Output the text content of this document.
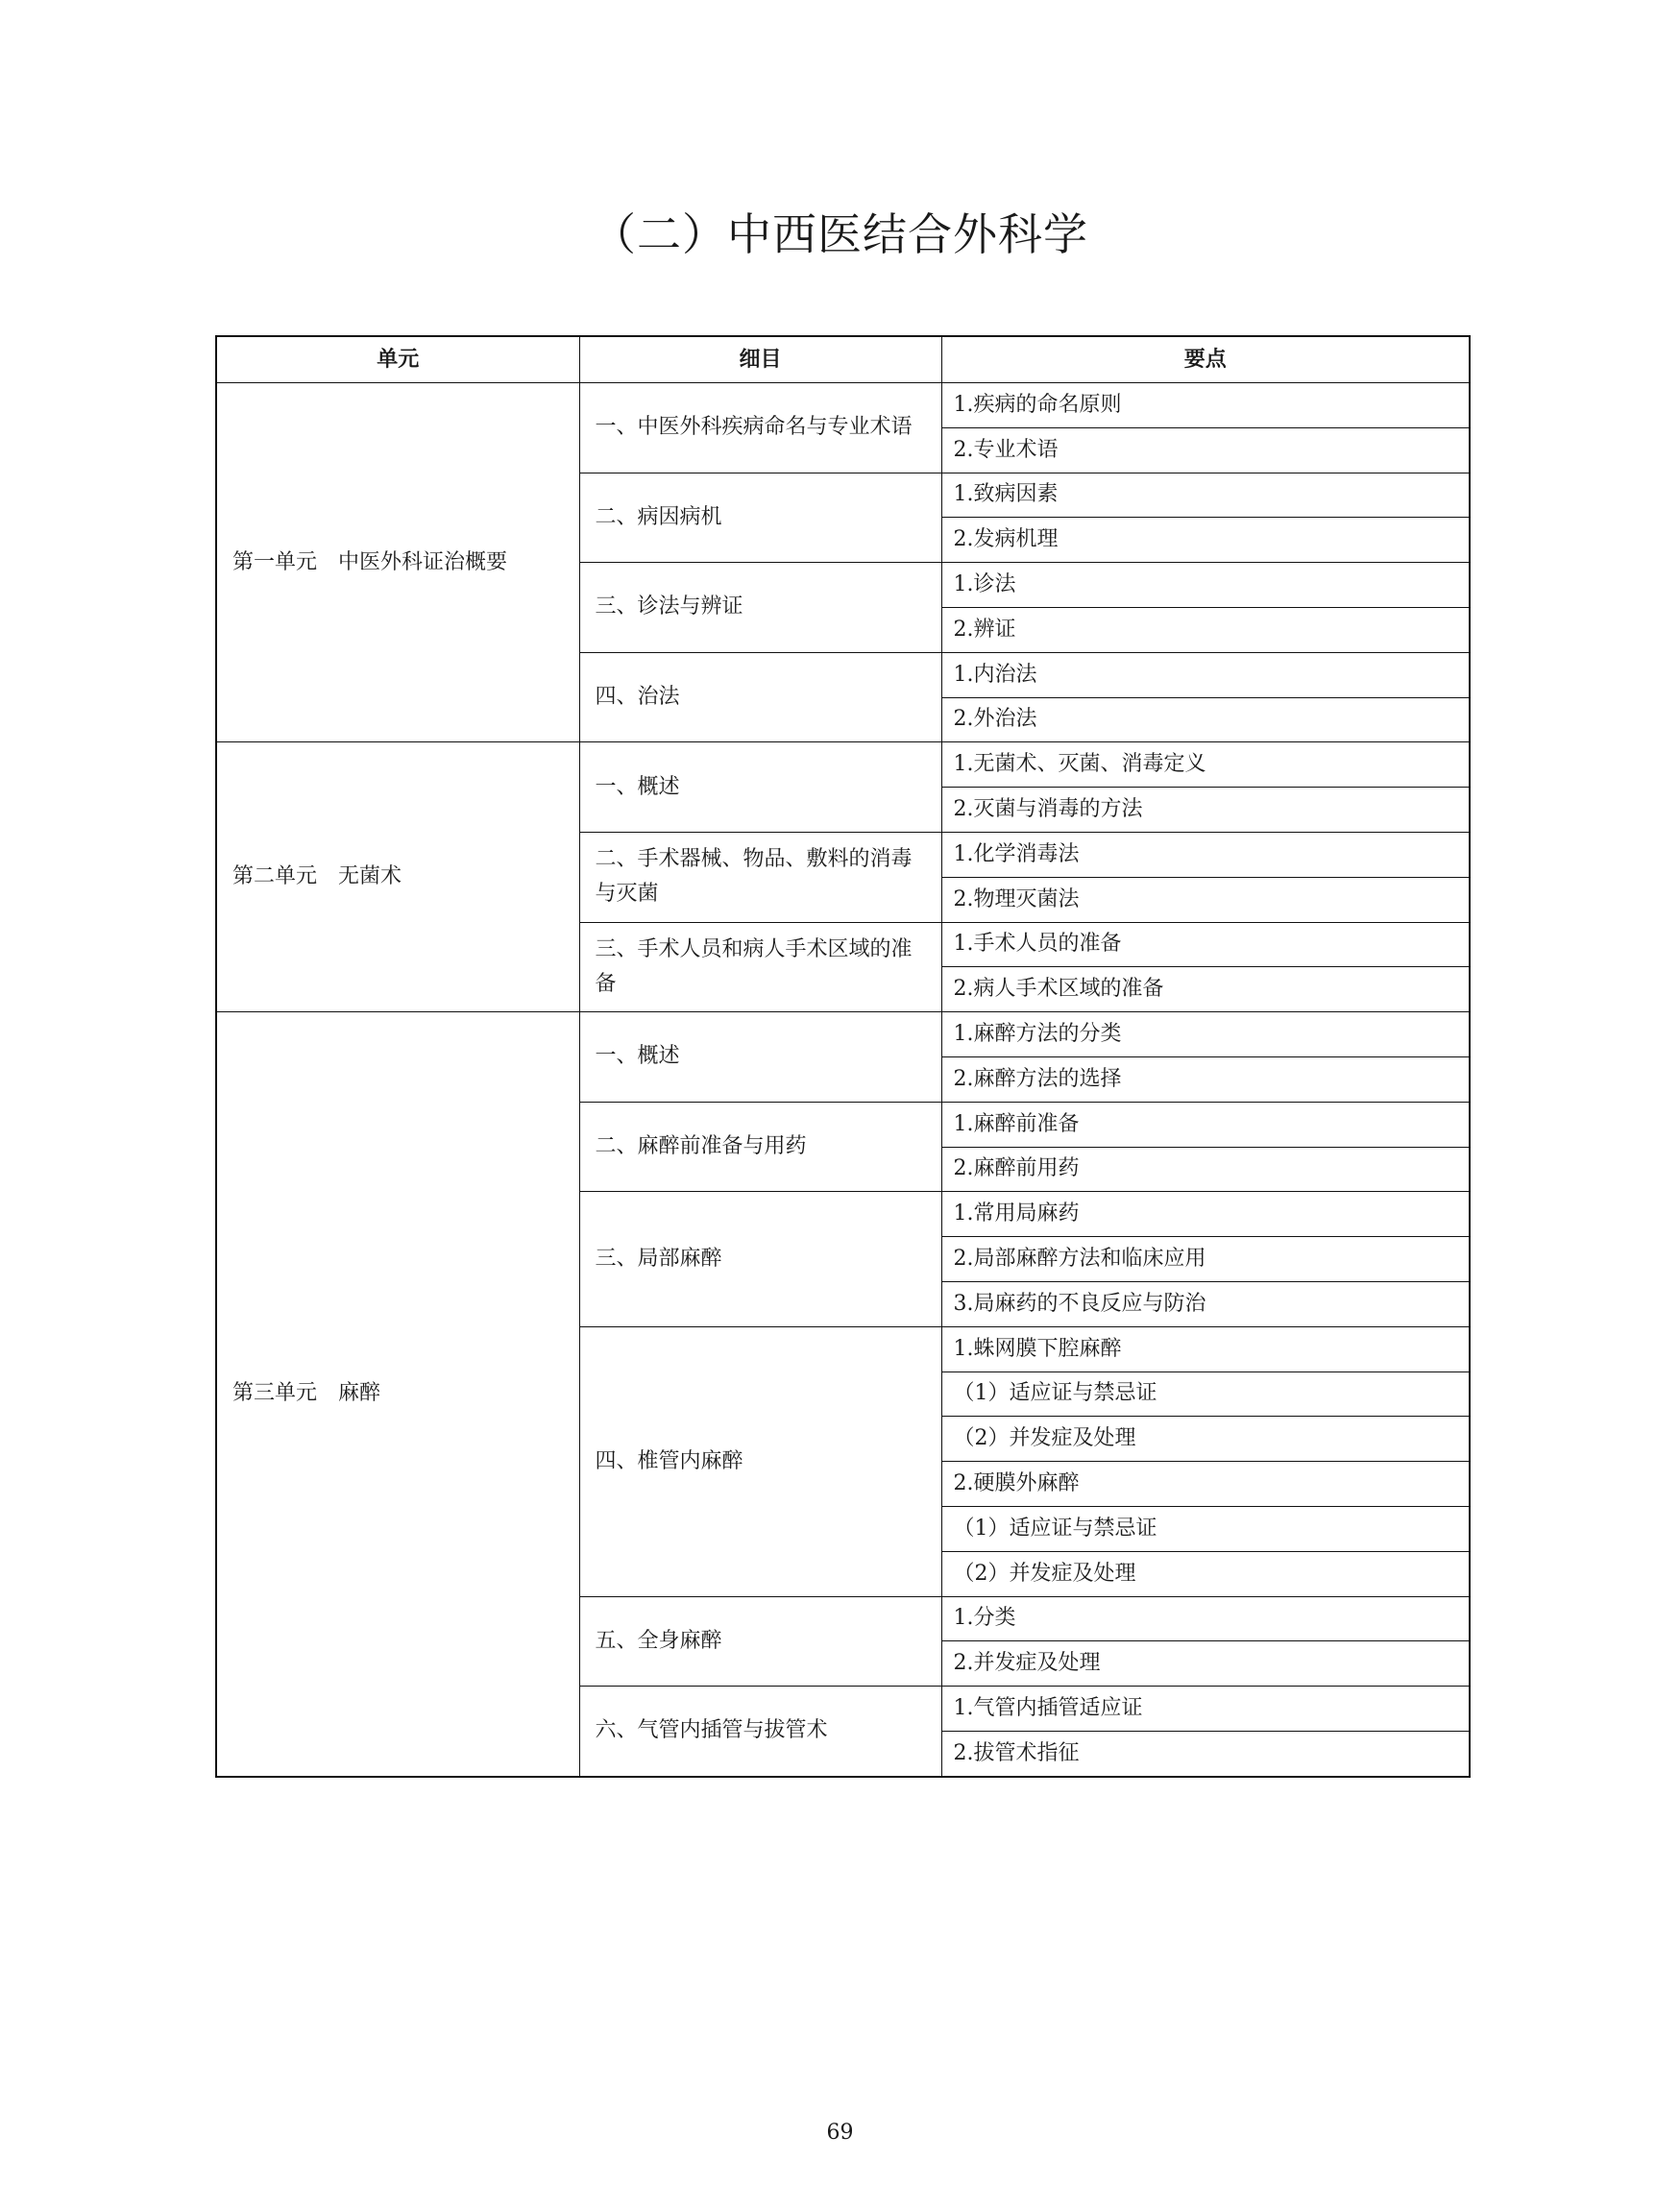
（二）中西医结合外科学
单元	细目	要点
第一单元　中医外科证治概要	一、中医外科疾病命名与专业术语	1.疾病的命名原则
		2.专业术语
	二、病因病机	1.致病因素
		2.发病机理
	三、诊法与辨证	1.诊法
		2.辨证
	四、治法	1.内治法
		2.外治法
第二单元　无菌术	一、概述	1.无菌术、灭菌、消毒定义
		2.灭菌与消毒的方法
	二、手术器械、物品、敷料的消毒与灭菌	1.化学消毒法
		2.物理灭菌法
	三、手术人员和病人手术区域的准备	1.手术人员的准备
		2.病人手术区域的准备
第三单元　麻醉	一、概述	1.麻醉方法的分类
		2.麻醉方法的选择
	二、麻醉前准备与用药	1.麻醉前准备
		2.麻醉前用药
	三、局部麻醉	1.常用局麻药
		2.局部麻醉方法和临床应用
		3.局麻药的不良反应与防治
	四、椎管内麻醉	1.蛛网膜下腔麻醉
		（1）适应证与禁忌证
		（2）并发症及处理
		2.硬膜外麻醉
		（1）适应证与禁忌证
		（2）并发症及处理
	五、全身麻醉	1.分类
		2.并发症及处理
	六、气管内插管与拔管术	1.气管内插管适应证
		2.拔管术指征
69
